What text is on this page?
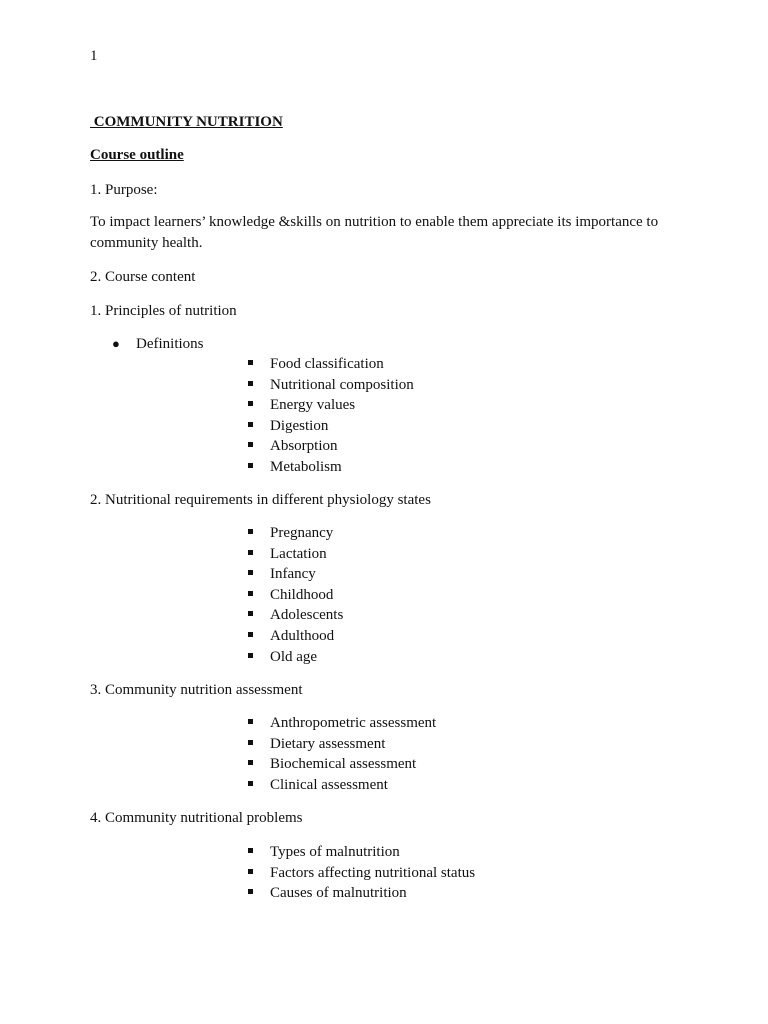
1
COMMUNITY NUTRITION
Course outline
1. Purpose:
To impact learners’ knowledge &skills on nutrition to enable them appreciate its importance to community health.
2. Course content
1. Principles of nutrition
● Definitions
Food classification
Nutritional composition
Energy values
Digestion
Absorption
Metabolism
2. Nutritional requirements in different physiology states
Pregnancy
Lactation
Infancy
Childhood
Adolescents
Adulthood
Old age
3. Community nutrition assessment
Anthropometric assessment
Dietary assessment
Biochemical assessment
Clinical assessment
4. Community nutritional problems
Types of malnutrition
Factors affecting nutritional status
Causes of malnutrition
